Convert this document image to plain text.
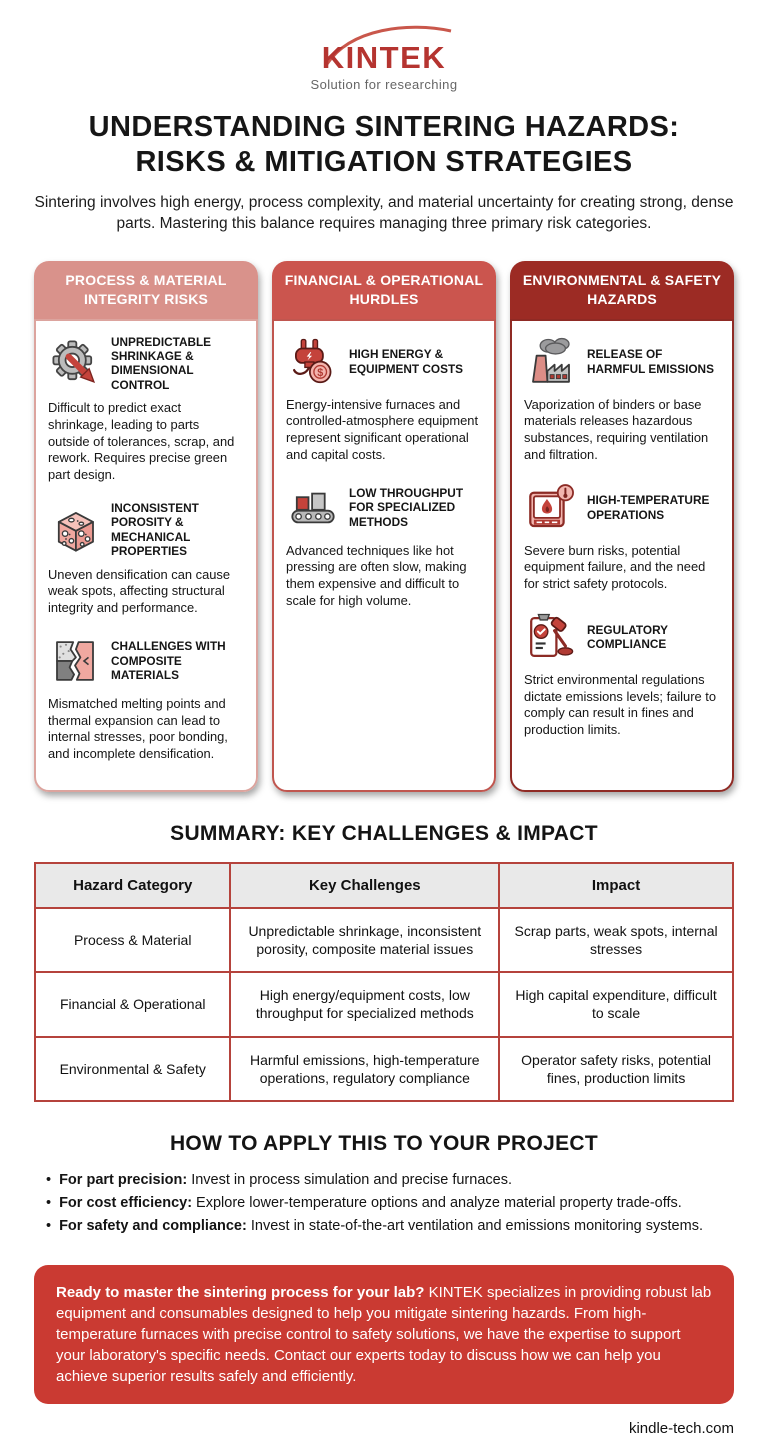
KINTEK
Solution for researching
UNDERSTANDING SINTERING HAZARDS:
RISKS & MITIGATION STRATEGIES

Sintering involves high energy, process complexity, and material uncertainty for creating strong, dense parts. Mastering this balance requires managing three primary risk categories.

PROCESS & MATERIAL INTEGRITY RISKS
UNPREDICTABLE SHRINKAGE & DIMENSIONAL CONTROL
Difficult to predict exact shrinkage, leading to parts outside of tolerances, scrap, and rework. Requires precise green part design.
INCONSISTENT POROSITY & MECHANICAL PROPERTIES
Uneven densification can cause weak spots, affecting structural integrity and performance.
CHALLENGES WITH COMPOSITE MATERIALS
Mismatched melting points and thermal expansion can lead to internal stresses, poor bonding, and incomplete densification.
FINANCIAL & OPERATIONAL HURDLES
$
HIGH ENERGY & EQUIPMENT COSTS
Energy-intensive furnaces and controlled-atmosphere equipment represent significant operational and capital costs.
LOW THROUGHPUT FOR SPECIALIZED METHODS
Advanced techniques like hot pressing are often slow, making them expensive and difficult to scale for high volume.
ENVIRONMENTAL & SAFETY HAZARDS
RELEASE OF HARMFUL EMISSIONS
Vaporization of binders or base materials releases hazardous substances, requiring ventilation and filtration.
HIGH-TEMPERATURE OPERATIONS
Severe burn risks, potential equipment failure, and the need for strict safety protocols.
REGULATORY COMPLIANCE
Strict environmental regulations dictate emissions levels; failure to comply can result in fines and production limits.
SUMMARY: KEY CHALLENGES & IMPACT
Hazard Category	Key Challenges	Impact
Process & Material	Unpredictable shrinkage, inconsistent porosity, composite material issues	Scrap parts, weak spots, internal stresses
Financial & Operational	High energy/equipment costs, low throughput for specialized methods	High capital expenditure, difficult to scale
Environmental & Safety	Harmful emissions, high-temperature operations, regulatory compliance	Operator safety risks, potential fines, production limits
HOW TO APPLY THIS TO YOUR PROJECT
• For part precision: Invest in process simulation and precise furnaces.
• For cost efficiency: Explore lower-temperature options and analyze material property trade-offs.
• For safety and compliance: Invest in state-of-the-art ventilation and emissions monitoring systems.
Ready to master the sintering process for your lab? KINTEK specializes in providing robust lab equipment and consumables designed to help you mitigate sintering hazards. From high-temperature furnaces with precise control to safety solutions, we have the expertise to support your laboratory's specific needs. Contact our experts today to discuss how we can help you achieve superior results safely and efficiently.
kindle-tech.com
